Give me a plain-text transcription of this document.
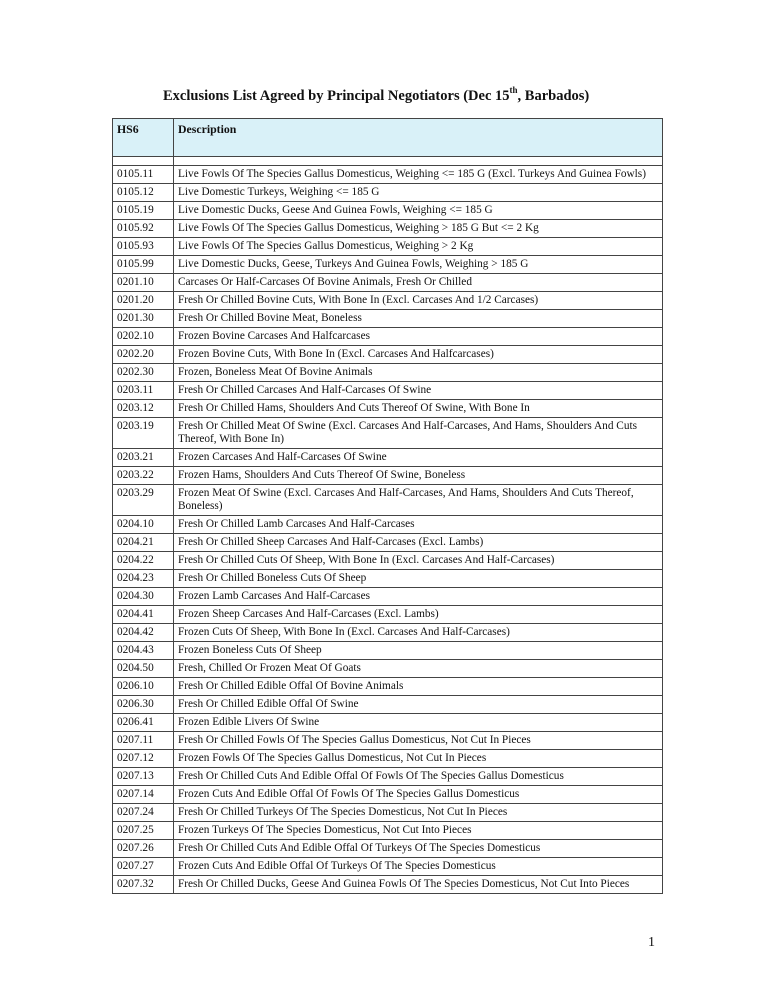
Exclusions List Agreed by Principal Negotiators (Dec 15th, Barbados)
HS6	Description

0105.11	Live Fowls Of The Species Gallus Domesticus, Weighing <= 185 G (Excl. Turkeys And Guinea Fowls)
0105.12	Live Domestic Turkeys, Weighing <= 185 G
0105.19	Live Domestic Ducks, Geese And Guinea Fowls, Weighing <= 185 G
0105.92	Live Fowls Of The Species Gallus Domesticus, Weighing > 185 G But <= 2 Kg
0105.93	Live Fowls Of The Species Gallus Domesticus, Weighing > 2 Kg
0105.99	Live Domestic Ducks, Geese, Turkeys And Guinea Fowls, Weighing > 185 G
0201.10	Carcases Or Half-Carcases Of Bovine Animals, Fresh Or Chilled
0201.20	Fresh Or Chilled Bovine Cuts, With Bone In (Excl. Carcases And 1/2 Carcases)
0201.30	Fresh Or Chilled Bovine Meat, Boneless
0202.10	Frozen Bovine Carcases And Halfcarcases
0202.20	Frozen Bovine Cuts, With Bone In (Excl. Carcases And Halfcarcases)
0202.30	Frozen, Boneless Meat Of Bovine Animals
0203.11	Fresh Or Chilled Carcases And Half-Carcases Of Swine
0203.12	Fresh Or Chilled Hams, Shoulders And Cuts Thereof Of Swine, With Bone In
0203.19	Fresh Or Chilled Meat Of Swine (Excl. Carcases And Half-Carcases, And Hams, Shoulders And Cuts Thereof, With Bone In)
0203.21	Frozen Carcases And Half-Carcases Of Swine
0203.22	Frozen Hams, Shoulders And Cuts Thereof Of Swine, Boneless
0203.29	Frozen Meat Of Swine (Excl. Carcases And Half-Carcases, And Hams, Shoulders And Cuts Thereof, Boneless)
0204.10	Fresh Or Chilled Lamb Carcases And Half-Carcases
0204.21	Fresh Or Chilled Sheep Carcases And Half-Carcases (Excl. Lambs)
0204.22	Fresh Or Chilled Cuts Of Sheep, With Bone In (Excl. Carcases And Half-Carcases)
0204.23	Fresh Or Chilled Boneless Cuts Of Sheep
0204.30	Frozen Lamb Carcases And Half-Carcases
0204.41	Frozen Sheep Carcases And Half-Carcases (Excl. Lambs)
0204.42	Frozen Cuts Of Sheep, With Bone In (Excl. Carcases And Half-Carcases)
0204.43	Frozen Boneless Cuts Of Sheep
0204.50	Fresh, Chilled Or Frozen Meat Of Goats
0206.10	Fresh Or Chilled Edible Offal Of Bovine Animals
0206.30	Fresh Or Chilled Edible Offal Of Swine
0206.41	Frozen Edible Livers Of Swine
0207.11	Fresh Or Chilled Fowls Of The Species Gallus Domesticus, Not Cut In Pieces
0207.12	Frozen Fowls Of The Species Gallus Domesticus, Not Cut In Pieces
0207.13	Fresh Or Chilled Cuts And Edible Offal Of Fowls Of The Species Gallus Domesticus
0207.14	Frozen Cuts And Edible Offal Of Fowls Of The Species Gallus Domesticus
0207.24	Fresh Or Chilled Turkeys Of The Species Domesticus, Not Cut In Pieces
0207.25	Frozen Turkeys Of The Species Domesticus, Not Cut Into Pieces
0207.26	Fresh Or Chilled Cuts And Edible Offal Of Turkeys Of The Species Domesticus
0207.27	Frozen Cuts And Edible Offal Of Turkeys Of The Species Domesticus
0207.32	Fresh Or Chilled Ducks, Geese And Guinea Fowls Of The Species Domesticus, Not Cut Into Pieces
1
